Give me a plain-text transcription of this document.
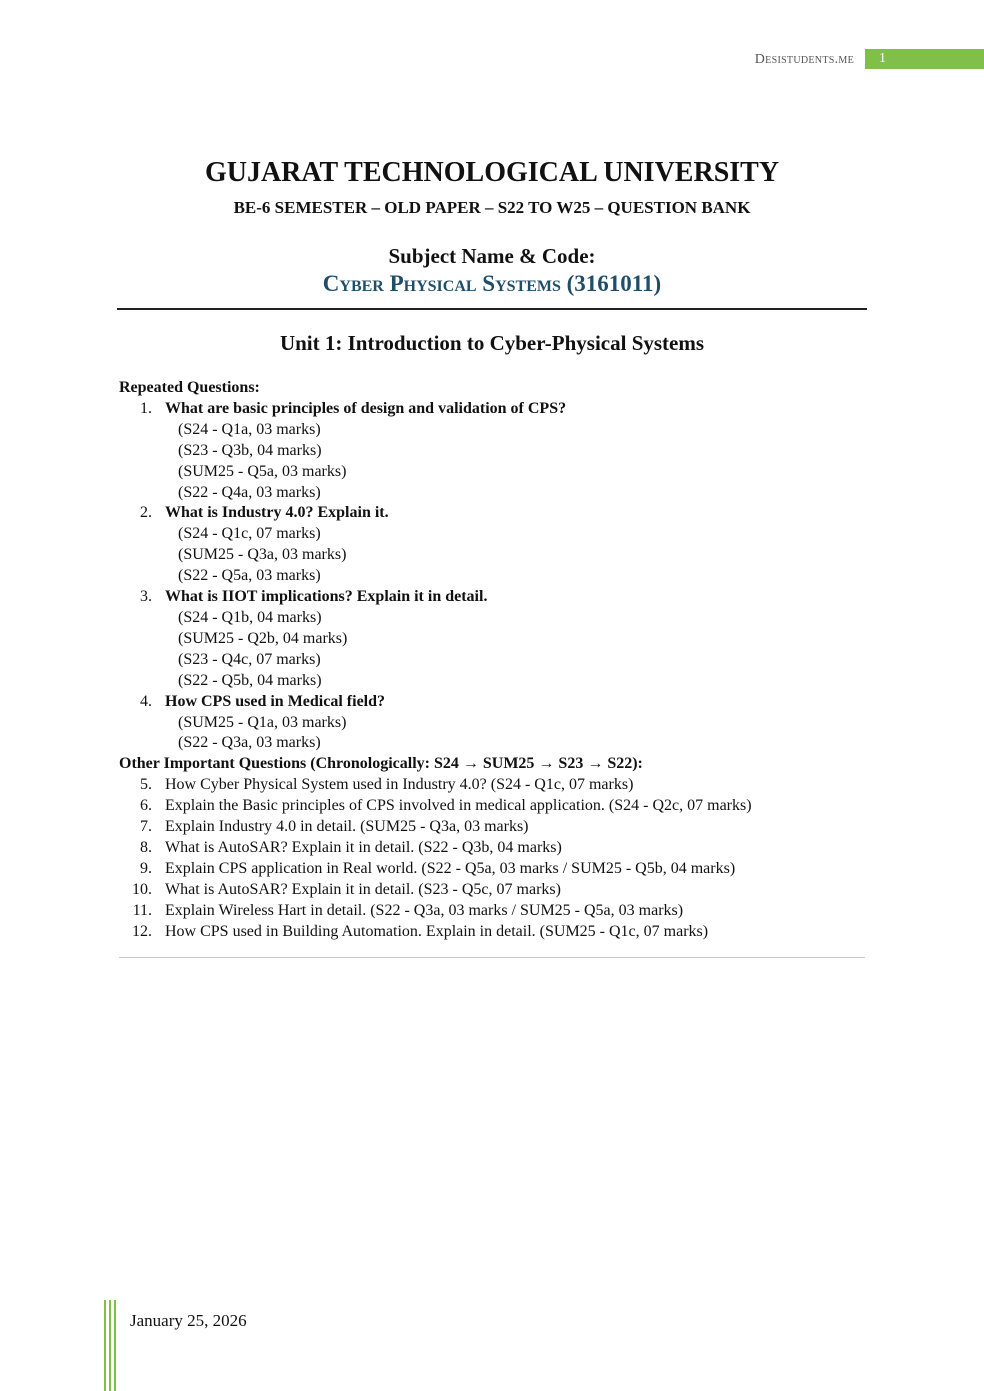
Desistudents.me	1
GUJARAT TECHNOLOGICAL UNIVERSITY
BE-6 SEMESTER – OLD PAPER – S22 TO W25 – QUESTION BANK
Subject Name & Code:
Cyber Physical Systems (3161011)
Unit 1: Introduction to Cyber-Physical Systems
Repeated Questions:
1. What are basic principles of design and validation of CPS?
(S24 - Q1a, 03 marks)
(S23 - Q3b, 04 marks)
(SUM25 - Q5a, 03 marks)
(S22 - Q4a, 03 marks)
2. What is Industry 4.0? Explain it.
(S24 - Q1c, 07 marks)
(SUM25 - Q3a, 03 marks)
(S22 - Q5a, 03 marks)
3. What is IIOT implications? Explain it in detail.
(S24 - Q1b, 04 marks)
(SUM25 - Q2b, 04 marks)
(S23 - Q4c, 07 marks)
(S22 - Q5b, 04 marks)
4. How CPS used in Medical field?
(SUM25 - Q1a, 03 marks)
(S22 - Q3a, 03 marks)
Other Important Questions (Chronologically: S24 → SUM25 → S23 → S22):
5. How Cyber Physical System used in Industry 4.0? (S24 - Q1c, 07 marks)
6. Explain the Basic principles of CPS involved in medical application. (S24 - Q2c, 07 marks)
7. Explain Industry 4.0 in detail. (SUM25 - Q3a, 03 marks)
8. What is AutoSAR? Explain it in detail. (S22 - Q3b, 04 marks)
9. Explain CPS application in Real world. (S22 - Q5a, 03 marks / SUM25 - Q5b, 04 marks)
10. What is AutoSAR? Explain it in detail. (S23 - Q5c, 07 marks)
11. Explain Wireless Hart in detail. (S22 - Q3a, 03 marks / SUM25 - Q5a, 03 marks)
12. How CPS used in Building Automation. Explain in detail. (SUM25 - Q1c, 07 marks)
January 25, 2026
